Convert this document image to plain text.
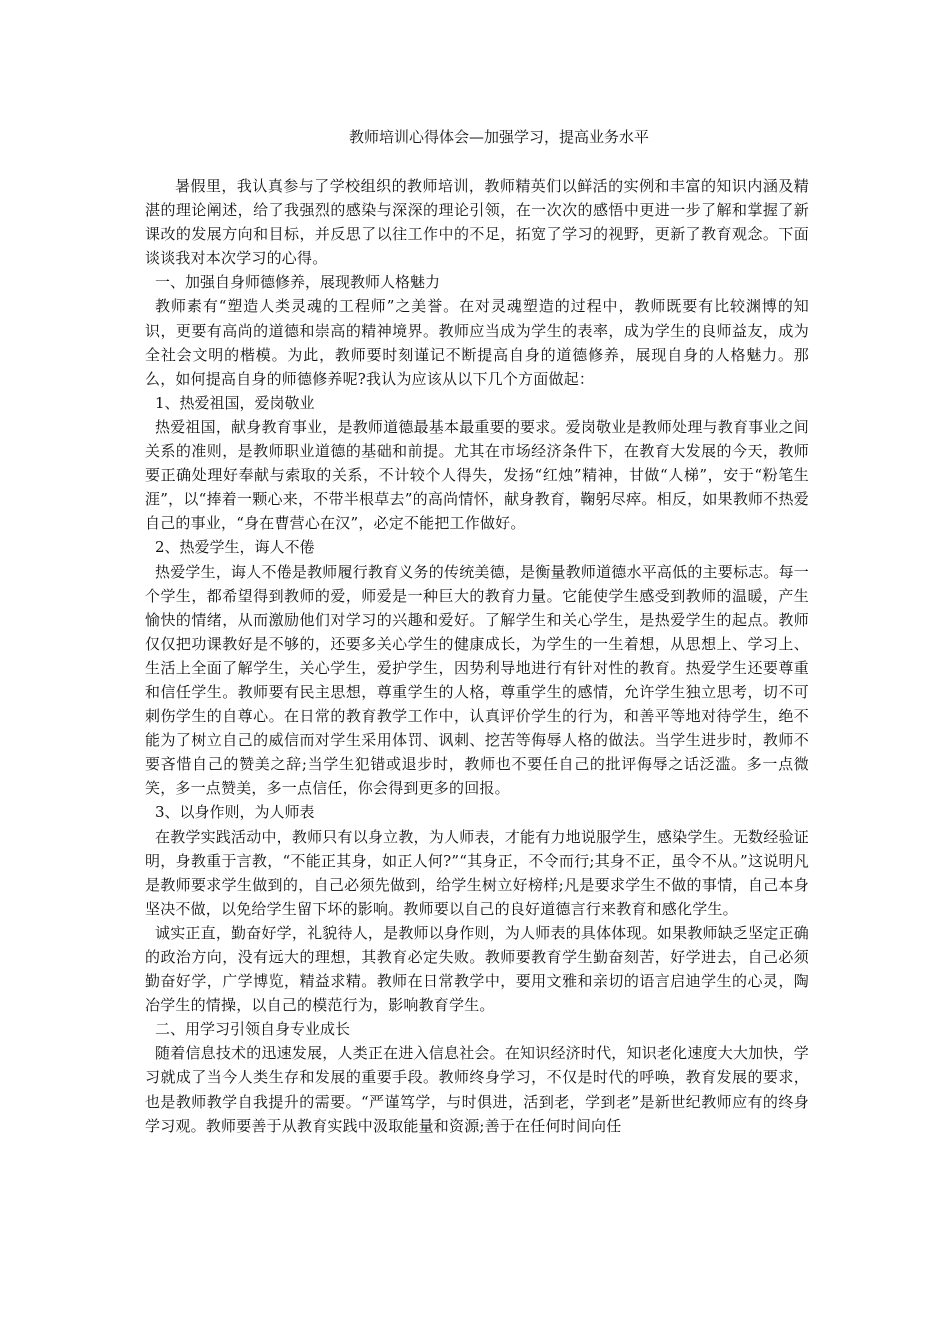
教师培训心得体会—加强学习，提高业务水平

暑假里，我认真参与了学校组织的教师培训，教师精英们以鲜活的实例和丰富的知识内涵及精湛的理论阐述，给了我强烈的感染与深深的理论引领，在一次次的感悟中更进一步了解和掌握了新课改的发展方向和目标，并反思了以往工作中的不足，拓宽了学习的视野，更新了教育观念。下面谈谈我对本次学习的心得。

一、加强自身师德修养，展现教师人格魅力

教师素有“塑造人类灵魂的工程师”之美誉。在对灵魂塑造的过程中，教师既要有比较渊博的知识，更要有高尚的道德和崇高的精神境界。教师应当成为学生的表率，成为学生的良师益友，成为全社会文明的楷模。为此，教师要时刻谨记不断提高自身的道德修养，展现自身的人格魅力。那么，如何提高自身的师德修养呢?我认为应该从以下几个方面做起：

1、热爱祖国，爱岗敬业

热爱祖国，献身教育事业，是教师道德最基本最重要的要求。爱岗敬业是教师处理与教育事业之间关系的准则，是教师职业道德的基础和前提。尤其在市场经济条件下，在教育大发展的今天，教师要正确处理好奉献与索取的关系，不计较个人得失，发扬“红烛”精神，甘做“人梯”，安于“粉笔生涯”，以“捧着一颗心来，不带半根草去”的高尚情怀，献身教育，鞠躬尽瘁。相反，如果教师不热爱自己的事业，“身在曹营心在汉”，必定不能把工作做好。

2、热爱学生，诲人不倦

热爱学生，诲人不倦是教师履行教育义务的传统美德，是衡量教师道德水平高低的主要标志。每一个学生，都希望得到教师的爱，师爱是一种巨大的教育力量。它能使学生感受到教师的温暖，产生愉快的情绪，从而激励他们对学习的兴趣和爱好。了解学生和关心学生，是热爱学生的起点。教师仅仅把功课教好是不够的，还要多关心学生的健康成长，为学生的一生着想，从思想上、学习上、生活上全面了解学生，关心学生，爱护学生，因势利导地进行有针对性的教育。热爱学生还要尊重和信任学生。教师要有民主思想，尊重学生的人格，尊重学生的感情，允许学生独立思考，切不可刺伤学生的自尊心。在日常的教育教学工作中，认真评价学生的行为，和善平等地对待学生，绝不能为了树立自己的威信而对学生采用体罚、讽刺、挖苦等侮辱人格的做法。当学生进步时，教师不要吝惜自己的赞美之辞;当学生犯错或退步时，教师也不要任自己的批评侮辱之话泛滥。多一点微笑，多一点赞美，多一点信任，你会得到更多的回报。

3、以身作则，为人师表

在教学实践活动中，教师只有以身立教，为人师表，才能有力地说服学生，感染学生。无数经验证明，身教重于言教，“不能正其身，如正人何?”“其身正，不令而行;其身不正，虽令不从。”这说明凡是教师要求学生做到的，自己必须先做到，给学生树立好榜样;凡是要求学生不做的事情，自己本身坚决不做，以免给学生留下坏的影响。教师要以自己的良好道德言行来教育和感化学生。

诚实正直，勤奋好学，礼貌待人，是教师以身作则，为人师表的具体体现。如果教师缺乏坚定正确的政治方向，没有远大的理想，其教育必定失败。教师要教育学生勤奋刻苦，好学进去，自己必须勤奋好学，广学博览，精益求精。教师在日常教学中，要用文雅和亲切的语言启迪学生的心灵，陶冶学生的情操，以自己的模范行为，影响教育学生。

二、用学习引领自身专业成长

随着信息技术的迅速发展，人类正在进入信息社会。在知识经济时代，知识老化速度大大加快，学习就成了当今人类生存和发展的重要手段。教师终身学习，不仅是时代的呼唤，教育发展的要求，也是教师教学自我提升的需要。“严谨笃学，与时俱进，活到老，学到老”是新世纪教师应有的终身学习观。教师要善于从教育实践中汲取能量和资源;善于在任何时间向任
